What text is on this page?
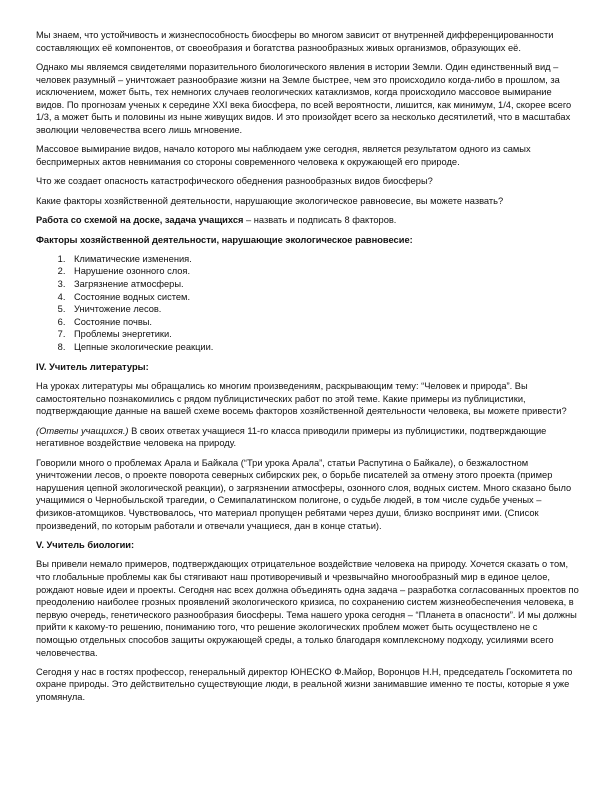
Мы знаем, что устойчивость и жизнеспособность биосферы во многом зависит от внутренней дифференцированности составляющих её компонентов, от своеобразия и богатства разнообразных живых организмов, образующих её.

Однако мы являемся свидетелями поразительного биологического явления в истории Земли. Один единственный вид – человек разумный – уничтожает разнообразие жизни на Земле быстрее, чем это происходило когда-либо в прошлом, за исключением, может быть, тех немногих случаев геологических катаклизмов, когда происходило массовое вымирание видов. По прогнозам ученых к середине XXI века биосфера, по всей вероятности, лишится, как минимум, 1/4, скорее всего 1/3, а может быть и половины из ныне живущих видов. И это произойдет всего за несколько десятилетий, что в масштабах эволюции человечества всего лишь мгновение.

Массовое вымирание видов, начало которого мы наблюдаем уже сегодня, является результатом одного из самых беспримерных актов невнимания со стороны современного человека к окружающей его природе.

Что же создает опасность катастрофического обеднения разнообразных видов биосферы?

Какие факторы хозяйственной деятельности, нарушающие экологическое равновесие, вы можете назвать?

Работа со схемой на доске, задача учащихся – назвать и подписать 8 факторов.

Факторы хозяйственной деятельности, нарушающие экологическое равновесие:

1. Климатические изменения.
2. Нарушение озонного слоя.
3. Загрязнение атмосферы.
4. Состояние водных систем.
5. Уничтожение лесов.
6. Состояние почвы.
7. Проблемы энергетики.
8. Цепные экологические реакции.
IV. Учитель литературы:

На уроках литературы мы обращались ко многим произведениям, раскрывающим тему: “Человек и природа”. Вы самостоятельно познакомились с рядом публицистических работ по этой теме. Какие примеры из публицистики, подтверждающие данные на вашей схеме восемь факторов хозяйственной деятельности человека, вы можете привести?

(Ответы учащихся.) В своих ответах учащиеся 11-го класса приводили примеры из публицистики, подтверждающие негативное воздействие человека на природу.

Говорили много о проблемах Арала и Байкала (“Три урока Арала”, статьи Распутина о Байкале), о безжалостном уничтожении лесов, о проекте поворота северных сибирских рек, о борьбе писателей за отмену этого проекта (пример нарушения цепной экологической реакции), о загрязнении атмосферы, озонного слоя, водных систем. Много сказано было учащимися о Чернобыльской трагедии, о Семипалатинском полигоне, о судьбе людей, в том числе судьбе ученых – физиков-атомщиков. Чувствовалось, что материал пропущен ребятами через души, близко воспринят ими. (Список произведений, по которым работали и отвечали учащиеся, дан в конце статьи).

V. Учитель биологии:

Вы привели немало примеров, подтверждающих отрицательное воздействие человека на природу. Хочется сказать о том, что глобальные проблемы как бы стягивают наш противоречивый и чрезвычайно многообразный мир в единое целое, рождают новые идеи и проекты. Сегодня нас всех должна объединять одна задача – разработка согласованных проектов по преодолению наиболее грозных проявлений экологического кризиса, по сохранению систем жизнеобеспечения человека, в первую очередь, генетического разнообразия биосферы. Тема нашего урока сегодня – “Планета в опасности”. И мы должны прийти к какому-то решению, пониманию того, что решение экологических проблем может быть осуществлено не с помощью отдельных способов защиты окружающей среды, а только благодаря комплексному подходу, усилиями всего человечества.

Сегодня у нас в гостях профессор, генеральный директор ЮНЕСКО Ф.Майор, Воронцов Н.Н, председатель Госкомитета по охране природы. Это действительно существующие люди, в реальной жизни занимавшие именно те посты, которые я уже упомянула.
